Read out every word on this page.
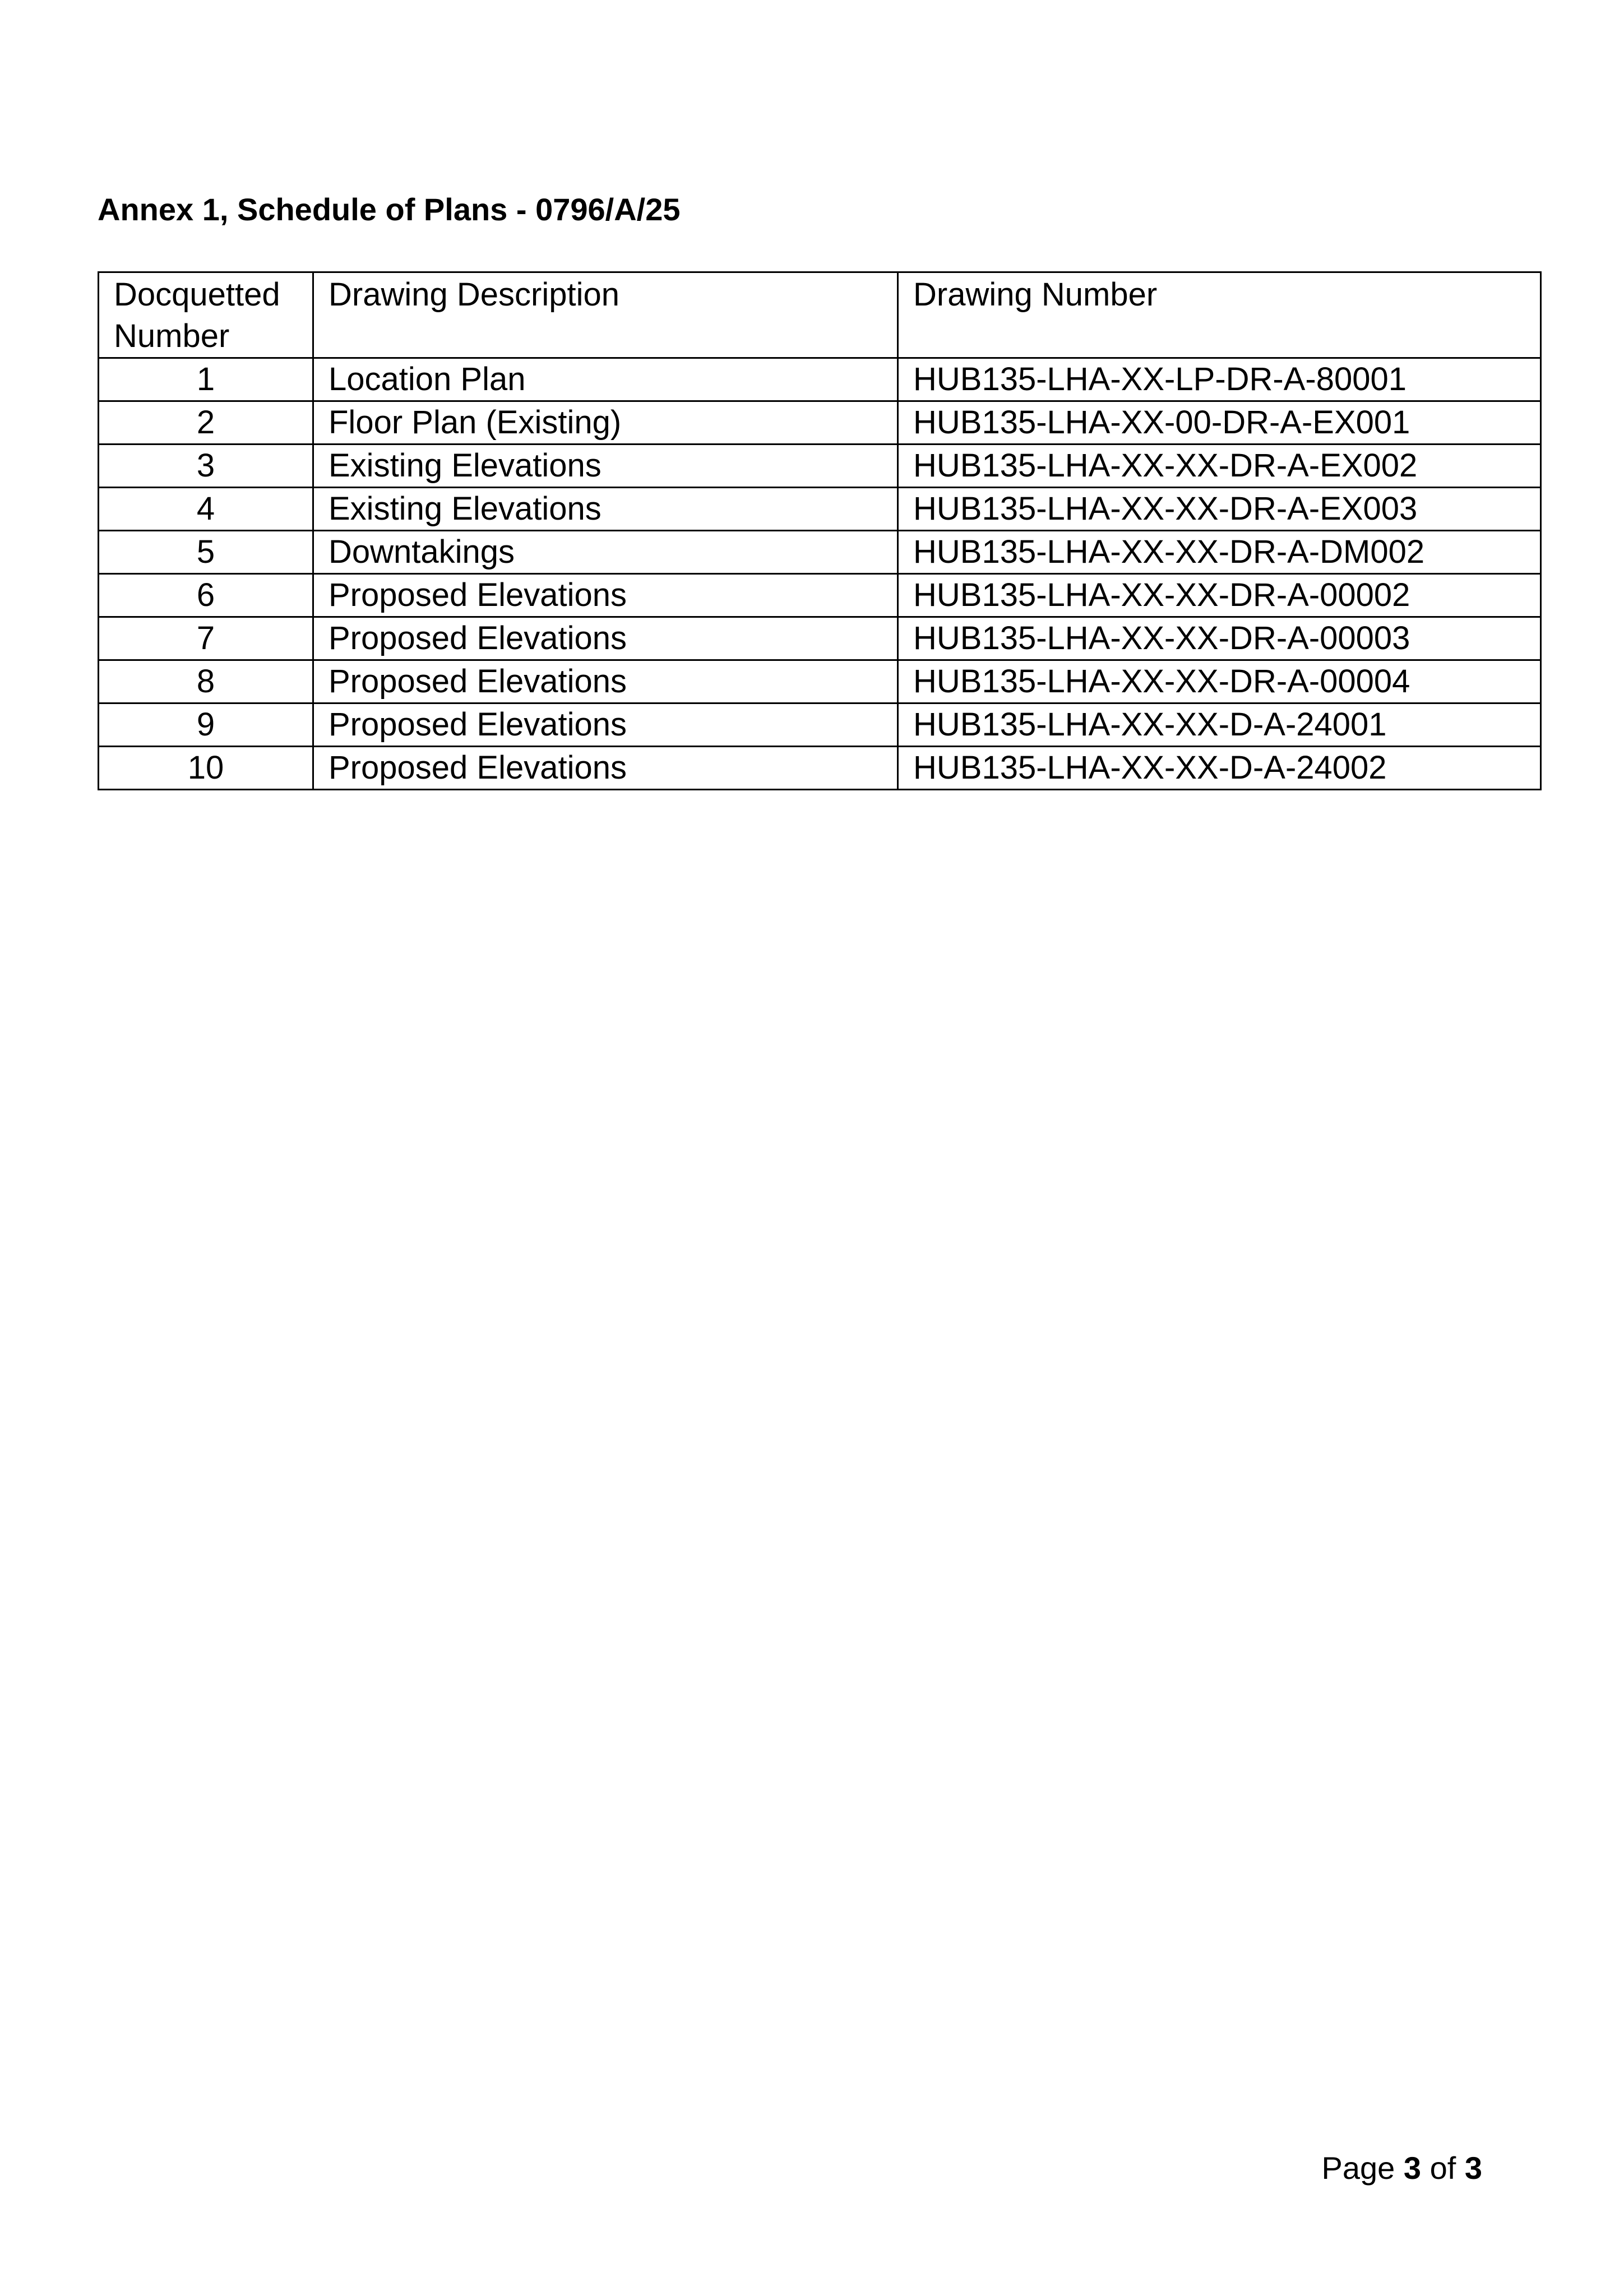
Annex 1, Schedule of Plans - 0796/A/25
Docquetted Number	Drawing Description	Drawing Number
1	Location Plan	HUB135-LHA-XX-LP-DR-A-80001
2	Floor Plan (Existing)	HUB135-LHA-XX-00-DR-A-EX001
3	Existing Elevations	HUB135-LHA-XX-XX-DR-A-EX002
4	Existing Elevations	HUB135-LHA-XX-XX-DR-A-EX003
5	Downtakings	HUB135-LHA-XX-XX-DR-A-DM002
6	Proposed Elevations	HUB135-LHA-XX-XX-DR-A-00002
7	Proposed Elevations	HUB135-LHA-XX-XX-DR-A-00003
8	Proposed Elevations	HUB135-LHA-XX-XX-DR-A-00004
9	Proposed Elevations	HUB135-LHA-XX-XX-D-A-24001
10	Proposed Elevations	HUB135-LHA-XX-XX-D-A-24002
Page 3 of 3
